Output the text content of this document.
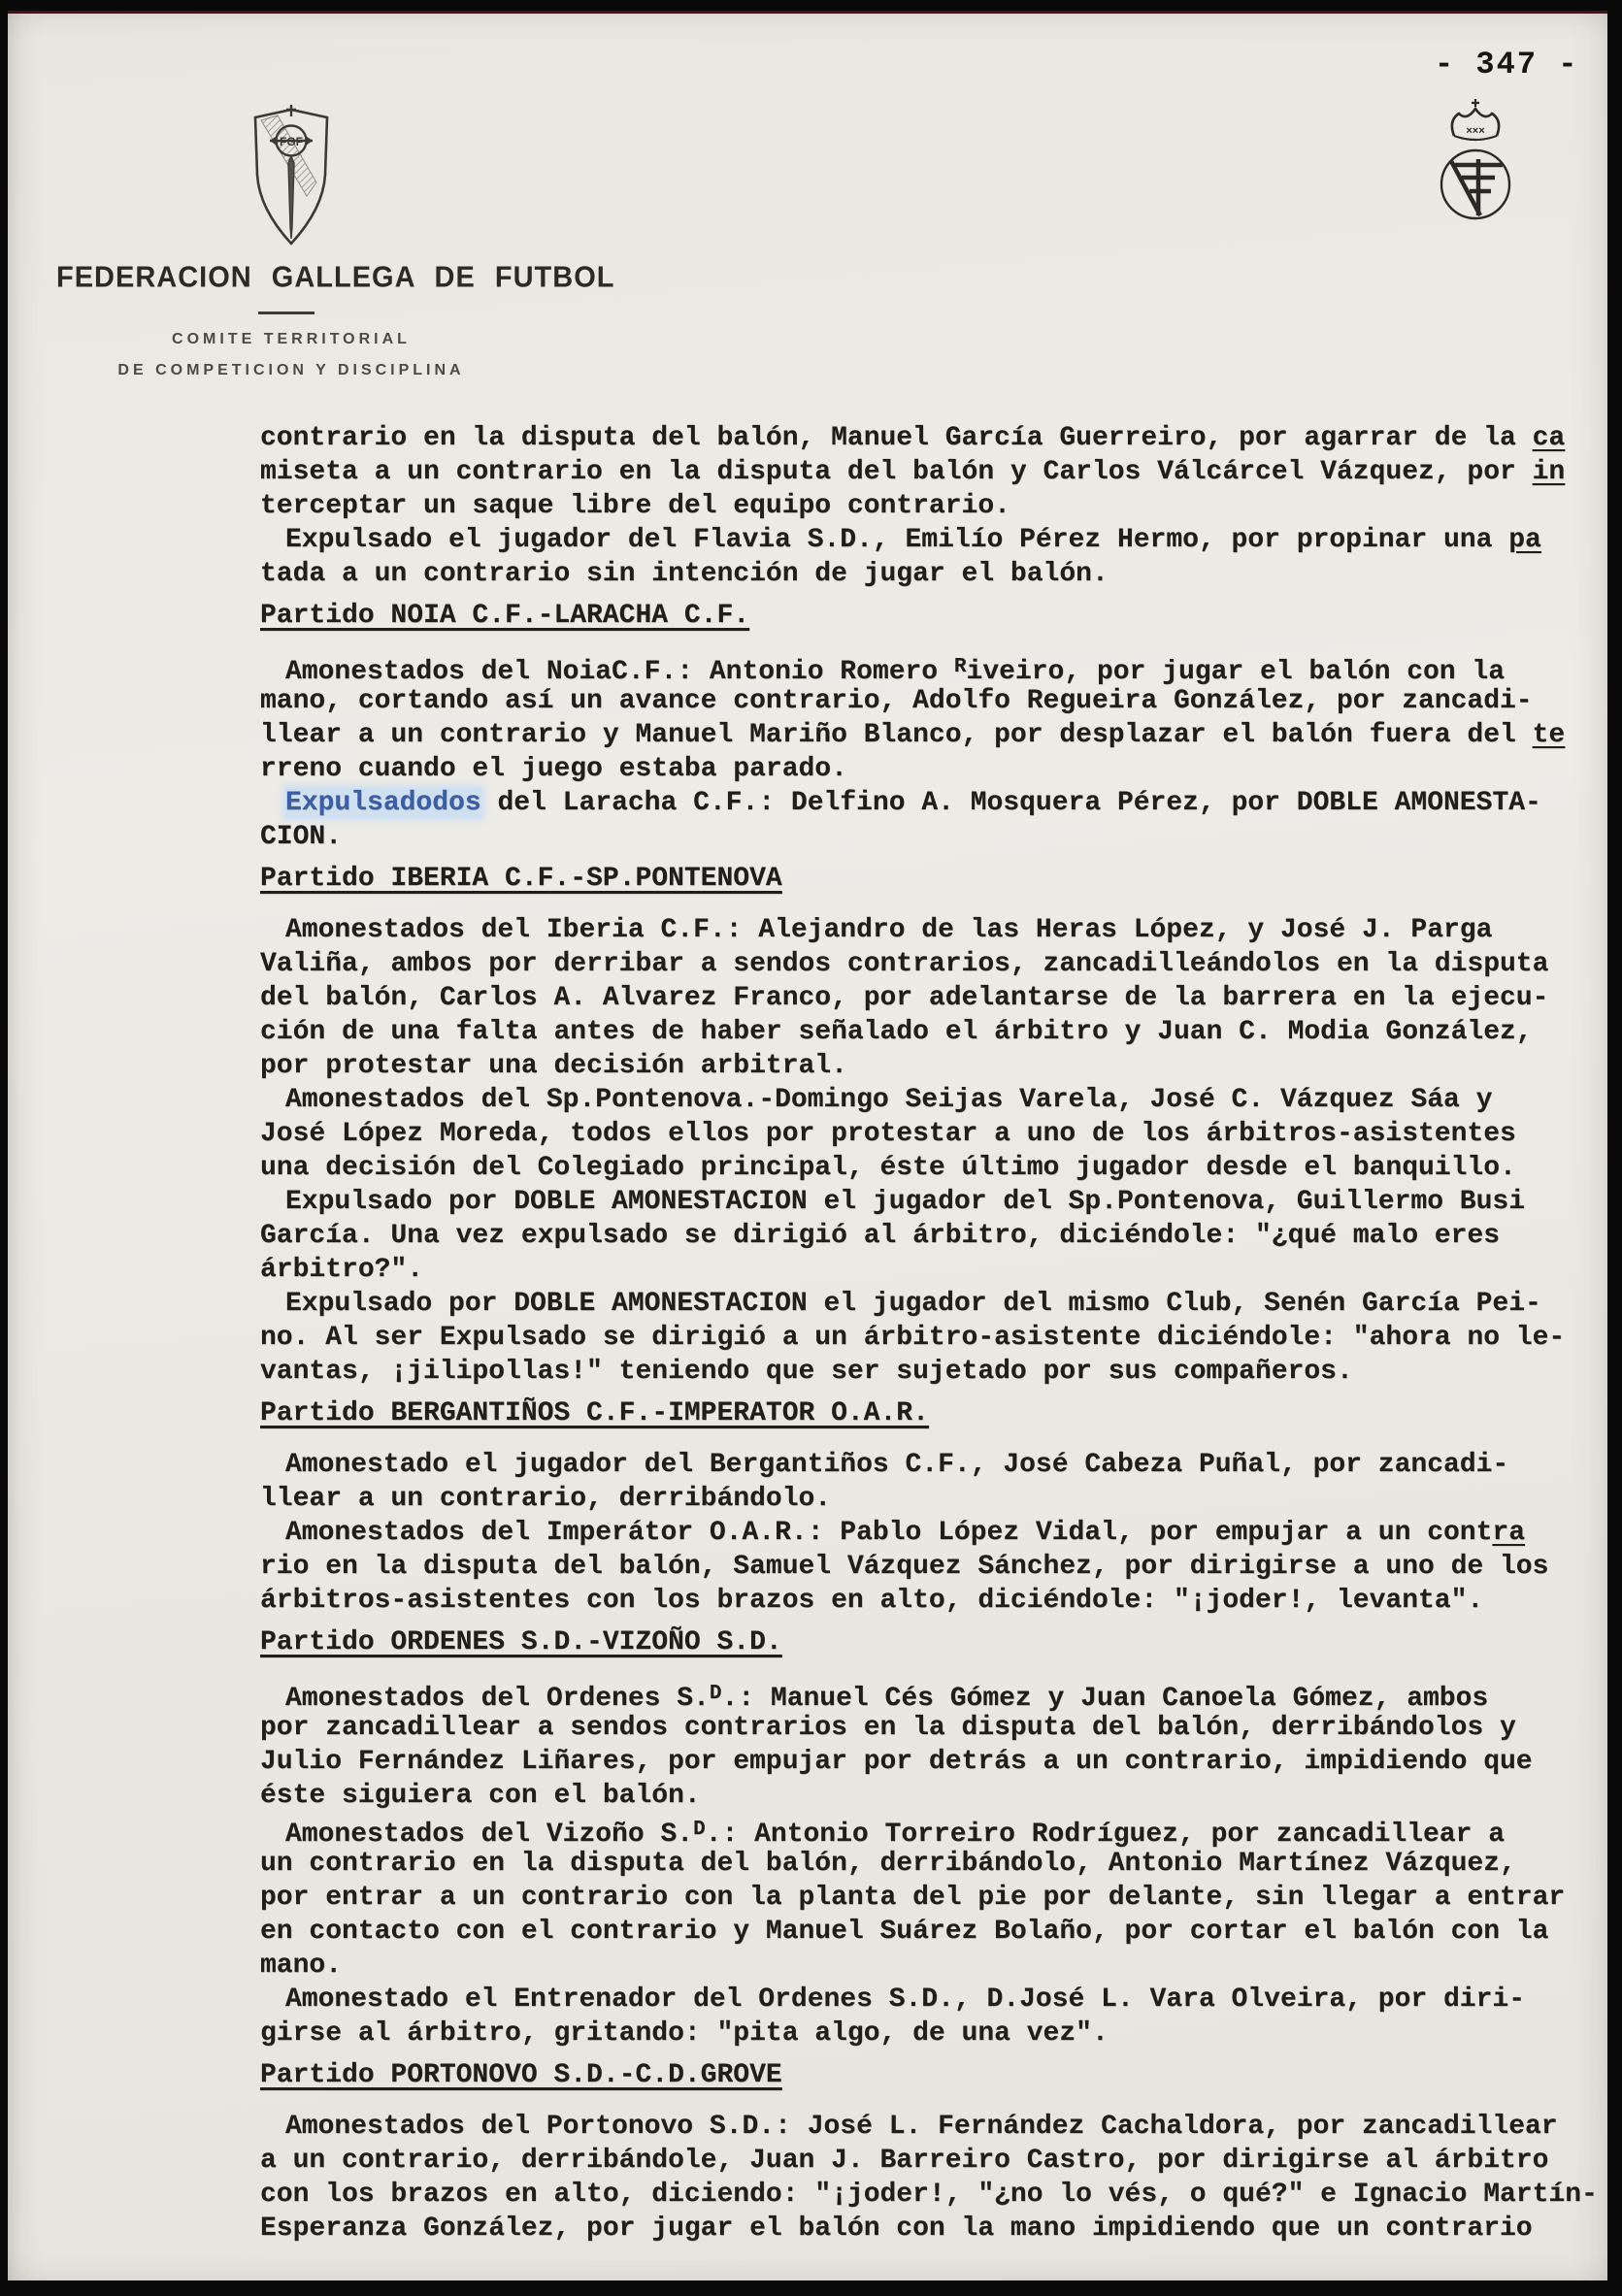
FGF
FEDERACION GALLEGA DE FUTBOL
COMITE TERRITORIAL
DE COMPETICION Y DISCIPLINA
- 347 -
×××
contrario en la disputa del balón, Manuel García Guerreiro, por agarrar de la ca
miseta a un contrario en la disputa del balón y Carlos Válcárcel Vázquez, por in
terceptar un saque libre del equipo contrario.
Expulsado el jugador del Flavia S.D., Emilío Pérez Hermo, por propinar una pa
tada a un contrario sin intención de jugar el balón.
Partido NOIA C.F.-LARACHA C.F.
Amonestados del NoiaC.F.: Antonio Romero $^R$iveiro, por jugar el balón con la
mano, cortando así un avance contrario, Adolfo Regueira González, por zancadi-
llear a un contrario y Manuel Mariño Blanco, por desplazar el balón fuera del te
rreno cuando el juego estaba parado.
Expulsadodos del Laracha C.F.: Delfino A. Mosquera Pérez, por DOBLE AMONESTA-
CION.
Partido IBERIA C.F.-SP.PONTENOVA
Amonestados del Iberia C.F.: Alejandro de las Heras López, y José J. Parga
Valiña, ambos por derribar a sendos contrarios, zancadilleándolos en la disputa
del balón, Carlos A. Alvarez Franco, por adelantarse de la barrera en la ejecu-
ción de una falta antes de haber señalado el árbitro y Juan C. Modia González,
por protestar una decisión arbitral.
Amonestados del Sp.Pontenova.-Domingo Seijas Varela, José C. Vázquez Sáa y
José López Moreda, todos ellos por protestar a uno de los árbitros-asistentes
una decisión del Colegiado principal, éste último jugador desde el banquillo.
Expulsado por DOBLE AMONESTACION el jugador del Sp.Pontenova, Guillermo Busi
García. Una vez expulsado se dirigió al árbitro, diciéndole: "¿qué malo eres
árbitro?".
Expulsado por DOBLE AMONESTACION el jugador del mismo Club, Senén García Pei-
no. Al ser Expulsado se dirigió a un árbitro-asistente diciéndole: "ahora no le-
vantas, ¡jilipollas!" teniendo que ser sujetado por sus compañeros.
Partido BERGANTIÑOS C.F.-IMPERATOR O.A.R.
Amonestado el jugador del Bergantiños C.F., José Cabeza Puñal, por zancadi-
llear a un contrario, derribándolo.
Amonestados del Imperátor O.A.R.: Pablo López Vidal, por empujar a un contra
rio en la disputa del balón, Samuel Vázquez Sánchez, por dirigirse a uno de los
árbitros-asistentes con los brazos en alto, diciéndole: "¡joder!, levanta".
Partido ORDENES S.D.-VIZOÑO S.D.
Amonestados del Ordenes S.$^D$.: Manuel Cés Gómez y Juan Canoela Gómez, ambos
por zancadillear a sendos contrarios en la disputa del balón, derribándolos y
Julio Fernández Liñares, por empujar por detrás a un contrario, impidiendo que
éste siguiera con el balón.
Amonestados del Vizoño S.$^D$.: Antonio Torreiro Rodríguez, por zancadillear a
un contrario en la disputa del balón, derribándolo, Antonio Martínez Vázquez,
por entrar a un contrario con la planta del pie por delante, sin llegar a entrar
en contacto con el contrario y Manuel Suárez Bolaño, por cortar el balón con la
mano.
Amonestado el Entrenador del Ordenes S.D., D.José L. Vara Olveira, por diri-
girse al árbitro, gritando: "pita algo, de una vez".
Partido PORTONOVO S.D.-C.D.GROVE
Amonestados del Portonovo S.D.: José L. Fernández Cachaldora, por zancadillear
a un contrario, derribándole, Juan J. Barreiro Castro, por dirigirse al árbitro
con los brazos en alto, diciendo: "¡joder!, "¿no lo vés, o qué?" e Ignacio Martín-
Esperanza González, por jugar el balón con la mano impidiendo que un contrario
